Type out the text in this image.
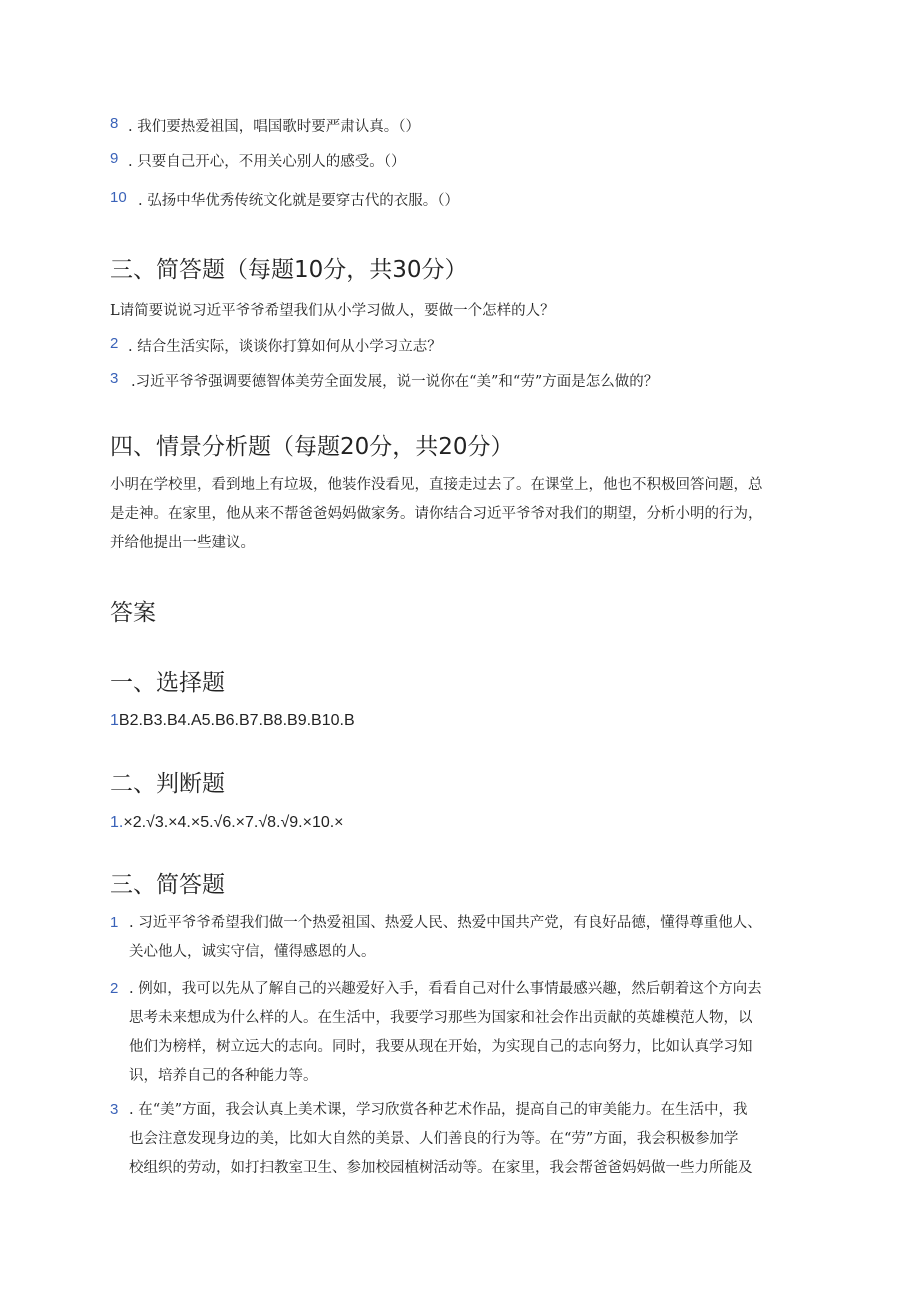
8 . 我们要热爱祖国，唱国歌时要严肃认真。（）
9 . 只要自己开心，不用关心别人的感受。（）
10 . 弘扬中华优秀传统文化就是要穿古代的衣服。（）
三、简答题（每题10分，共30分）
L请简要说说习近平爷爷希望我们从小学习做人，要做一个怎样的人？
2 . 结合生活实际，谈谈你打算如何从小学习立志？
3 .习近平爷爷强调要德智体美劳全面发展，说一说你在“美”和“劳”方面是怎么做的？
四、情景分析题（每题20分，共20分）
小明在学校里，看到地上有垃圾，他装作没看见，直接走过去了。在课堂上，他也不积极回答问题，总
是走神。在家里，他从来不帮爸爸妈妈做家务。请你结合习近平爷爷对我们的期望，分析小明的行为，
并给他提出一些建议。
答案
一、选择题
1B2.B3.B4.A5.B6.B7.B8.B9.B10.B
二、判断题
1.×2.√3.×4.×5.√6.×7.√8.√9.×10.×
三、简答题
1 . 习近平爷爷希望我们做一个热爱祖国、热爱人民、热爱中国共产党，有良好品德，懂得尊重他人、
关心他人，诚实守信，懂得感恩的人。
2 . 例如，我可以先从了解自己的兴趣爱好入手，看看自己对什么事情最感兴趣，然后朝着这个方向去
思考未来想成为什么样的人。在生活中，我要学习那些为国家和社会作出贡献的英雄模范人物，以
他们为榜样，树立远大的志向。同时，我要从现在开始，为实现自己的志向努力，比如认真学习知
识，培养自己的各种能力等。
3 . 在“美”方面，我会认真上美术课，学习欣赏各种艺术作品，提高自己的审美能力。在生活中，我
也会注意发现身边的美，比如大自然的美景、人们善良的行为等。在“劳”方面，我会积极参加学
校组织的劳动，如打扫教室卫生、参加校园植树活动等。在家里，我会帮爸爸妈妈做一些力所能及
